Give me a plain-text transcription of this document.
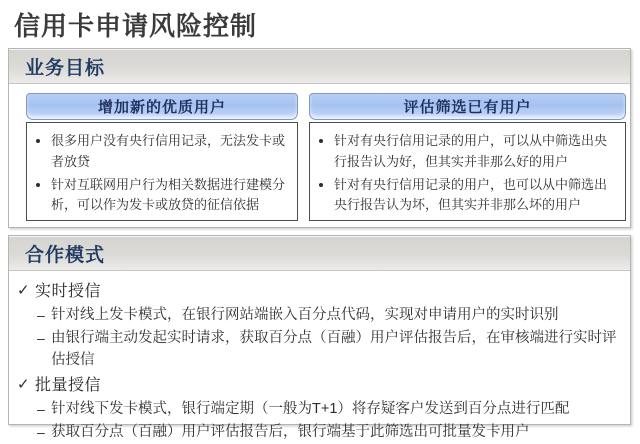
信用卡申请风险控制
业务目标
增加新的优质用户
• 很多用户没有央行信用记录，无法发卡或者放贷
• 针对互联网用户行为相关数据进行建模分析，可以作为发卡或放贷的征信依据
评估筛选已有用户
• 针对有央行信用记录的用户，可以从中筛选出央行报告认为好，但其实并非那么好的用户
• 针对有央行信用记录的用户，也可以从中筛选出央行报告认为坏，但其实并非那么坏的用户
合作模式
✓ 实时授信
– 针对线上发卡模式，在银行网站端嵌入百分点代码，实现对申请用户的实时识别
– 由银行端主动发起实时请求，获取百分点（百融）用户评估报告后，在审核端进行实时评估授信
✓ 批量授信
– 针对线下发卡模式，银行端定期（一般为T+1）将存疑客户发送到百分点进行匹配
– 获取百分点（百融）用户评估报告后，银行端基于此筛选出可批量发卡用户
